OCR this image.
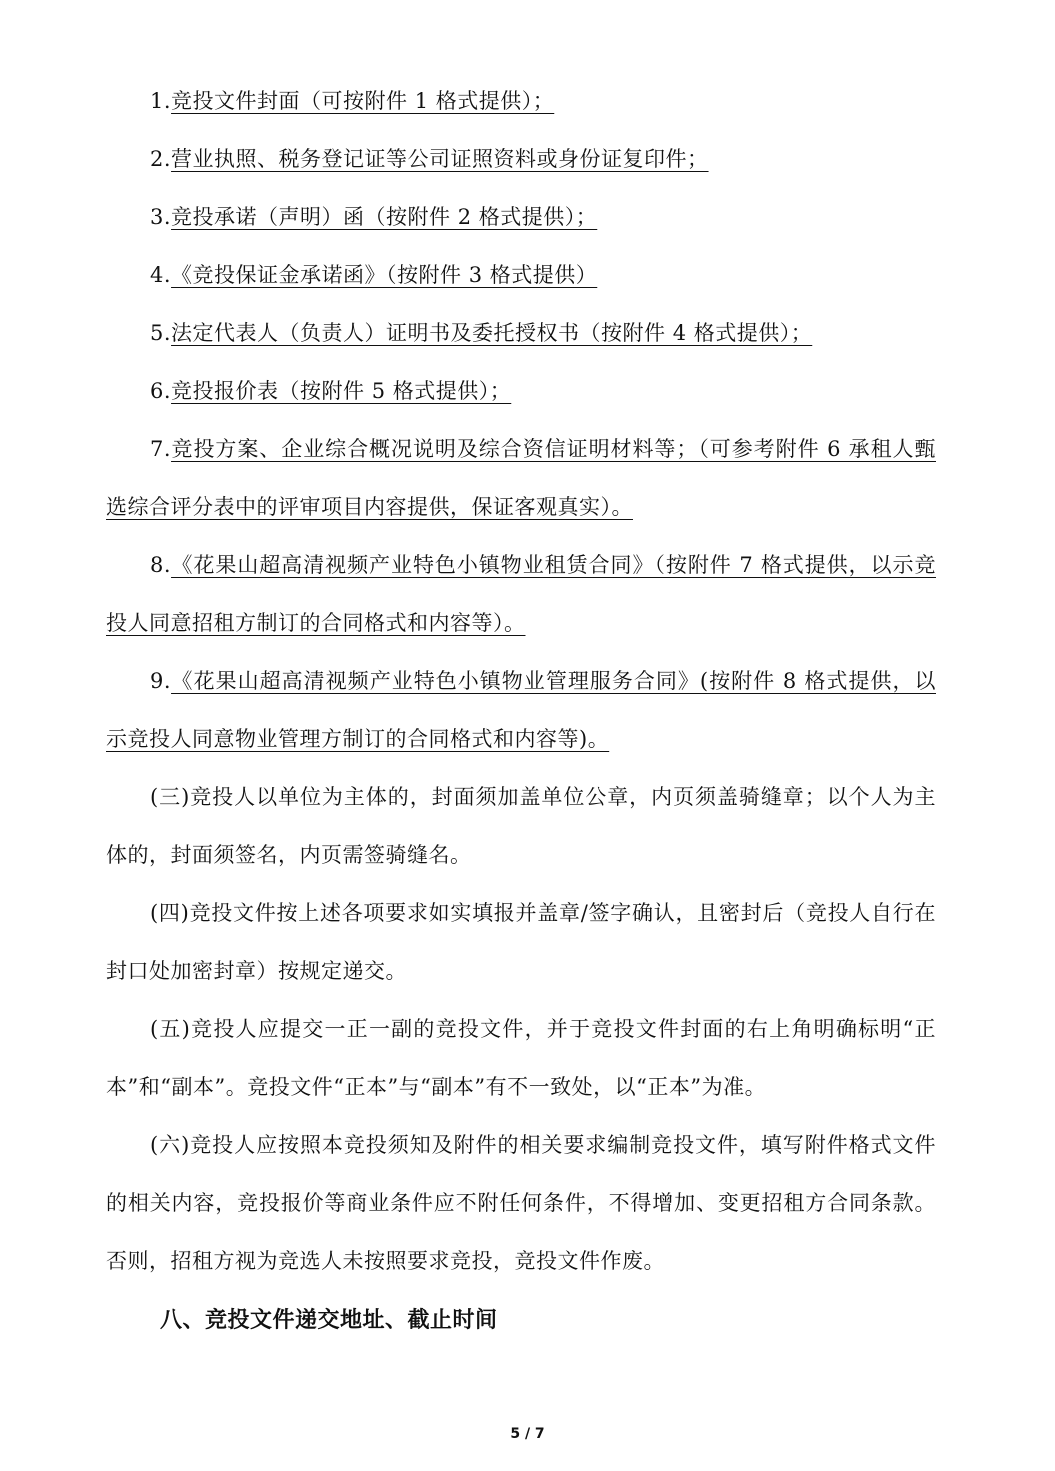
1.竞投文件封面（可按附件 1 格式提供）；

2.营业执照、税务登记证等公司证照资料或身份证复印件；

3.竞投承诺（声明）函（按附件 2 格式提供）；

4.《竞投保证金承诺函》（按附件 3 格式提供）

5.法定代表人（负责人）证明书及委托授权书（按附件 4 格式提供）；

6.竞投报价表（按附件 5 格式提供）；

7.竞投方案、企业综合概况说明及综合资信证明材料等；（可参考附件 6 承租人甄选综合评分表中的评审项目内容提供，保证客观真实）。

8.《花果山超高清视频产业特色小镇物业租赁合同》（按附件 7 格式提供，以示竞投人同意招租方制订的合同格式和内容等）。

9.《花果山超高清视频产业特色小镇物业管理服务合同》(按附件 8 格式提供，以示竞投人同意物业管理方制订的合同格式和内容等)。

(三)竞投人以单位为主体的，封面须加盖单位公章，内页须盖骑缝章；以个人为主体的，封面须签名，内页需签骑缝名。

(四)竞投文件按上述各项要求如实填报并盖章/签字确认，且密封后（竞投人自行在封口处加密封章）按规定递交。

(五)竞投人应提交一正一副的竞投文件，并于竞投文件封面的右上角明确标明“正本”和“副本”。竞投文件“正本”与“副本”有不一致处，以“正本”为准。

(六)竞投人应按照本竞投须知及附件的相关要求编制竞投文件，填写附件格式文件的相关内容，竞投报价等商业条件应不附任何条件，不得增加、变更招租方合同条款。否则，招租方视为竞选人未按照要求竞投，竞投文件作废。

八、竞投文件递交地址、截止时间
5 / 7
